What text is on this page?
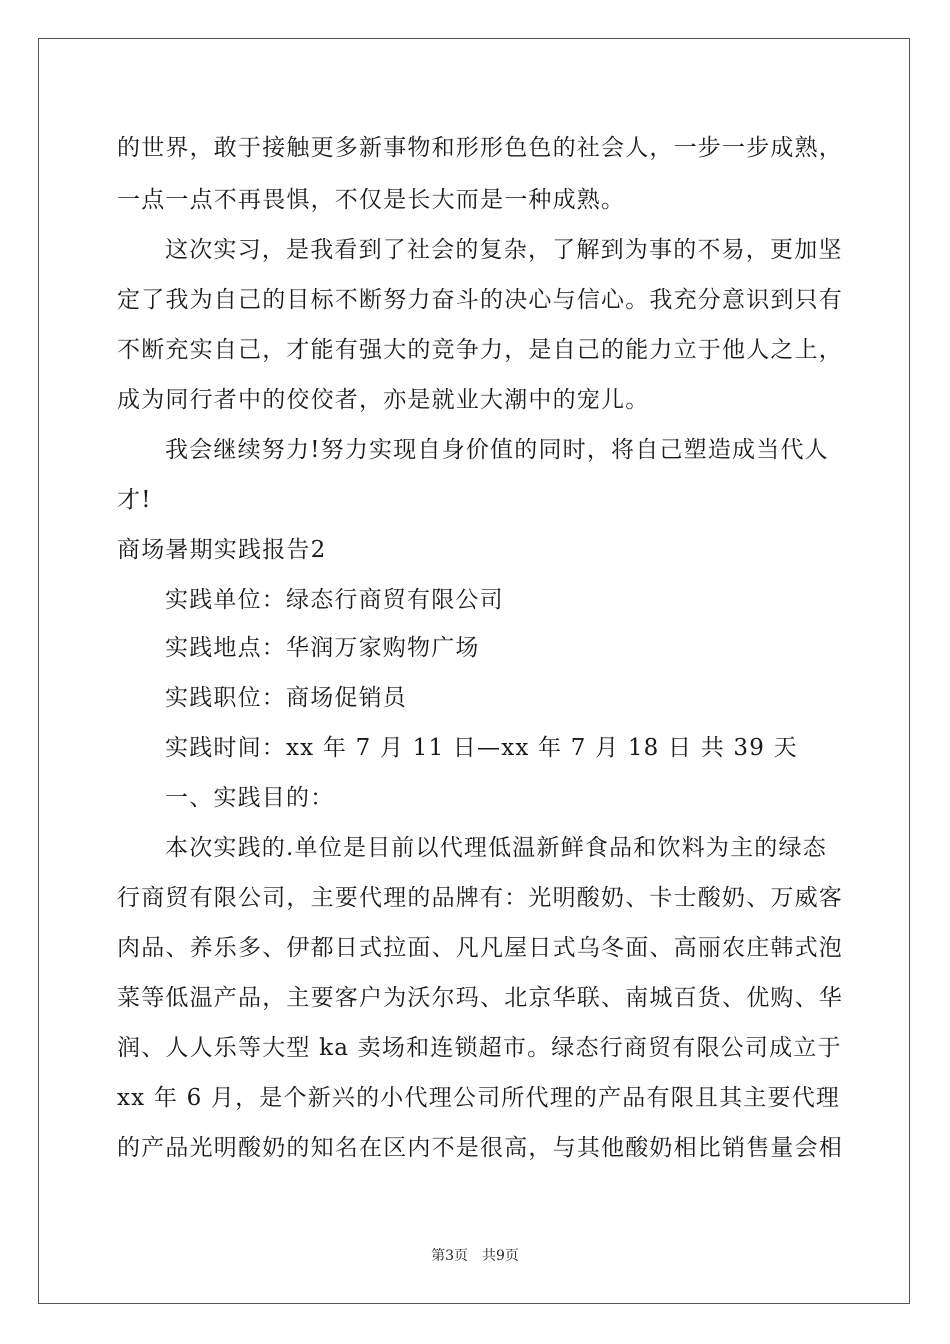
的世界，敢于接触更多新事物和形形色色的社会人，一步一步成熟，
一点一点不再畏惧，不仅是长大而是一种成熟。
这次实习，是我看到了社会的复杂，了解到为事的不易，更加坚
定了我为自己的目标不断努力奋斗的决心与信心。我充分意识到只有
不断充实自己，才能有强大的竞争力，是自己的能力立于他人之上，
成为同行者中的佼佼者，亦是就业大潮中的宠儿。
我会继续努力!努力实现自身价值的同时，将自己塑造成当代人
才!
商场暑期实践报告2
实践单位：绿态行商贸有限公司
实践地点：华润万家购物广场
实践职位：商场促销员
实践时间：xx 年 7 月 11 日—xx 年 7 月 18 日 共 39 天
一、实践目的：
本次实践的.单位是目前以代理低温新鲜食品和饮料为主的绿态
行商贸有限公司，主要代理的品牌有：光明酸奶、卡士酸奶、万威客
肉品、养乐多、伊都日式拉面、凡凡屋日式乌冬面、高丽农庄韩式泡
菜等低温产品，主要客户为沃尔玛、北京华联、南城百货、优购、华
润、人人乐等大型 ka 卖场和连锁超市。绿态行商贸有限公司成立于
xx 年 6 月，是个新兴的小代理公司所代理的产品有限且其主要代理
的产品光明酸奶的知名在区内不是很高，与其他酸奶相比销售量会相
第3页 共9页
